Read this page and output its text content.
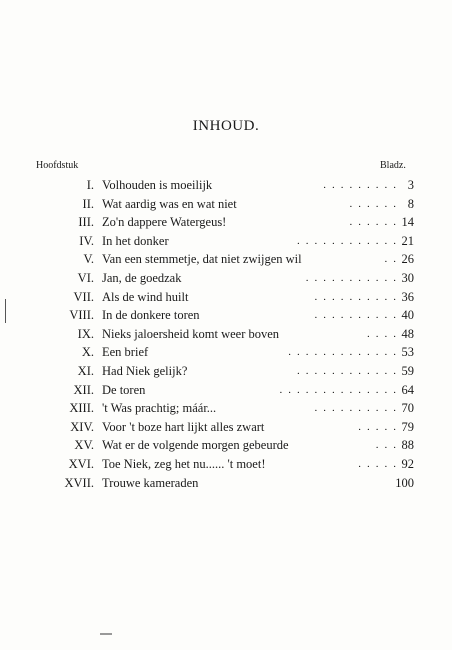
INHOUD.
Hoofdstuk	Bladz.
I. Volhouden is moeilijk	......... 3
II. Wat aardig was en wat niet	...... 8
III. Zo'n dappere Watergeus!	...... 14
IV. In het donker	............ 21
V. Van een stemmetje, dat niet zwijgen wil	.. 26
VI. Jan, de goedzak	........... 30
VII. Als de wind huilt	.......... 36
VIII. In de donkere toren	.......... 40
IX. Nieks jaloersheid komt weer boven	.... 48
X. Een brief	............. 53
XI. Had Niek gelijk?	............ 59
XII. De toren	.............. 64
XIII. 't Was prachtig; máár...	.......... 70
XIV. Voor 't boze hart lijkt alles zwart	..... 79
XV. Wat er de volgende morgen gebeurde	... 88
XVI. Toe Niek, zeg het nu...... 't moet!	..... 92
XVII. Trouwe kameraden	100
